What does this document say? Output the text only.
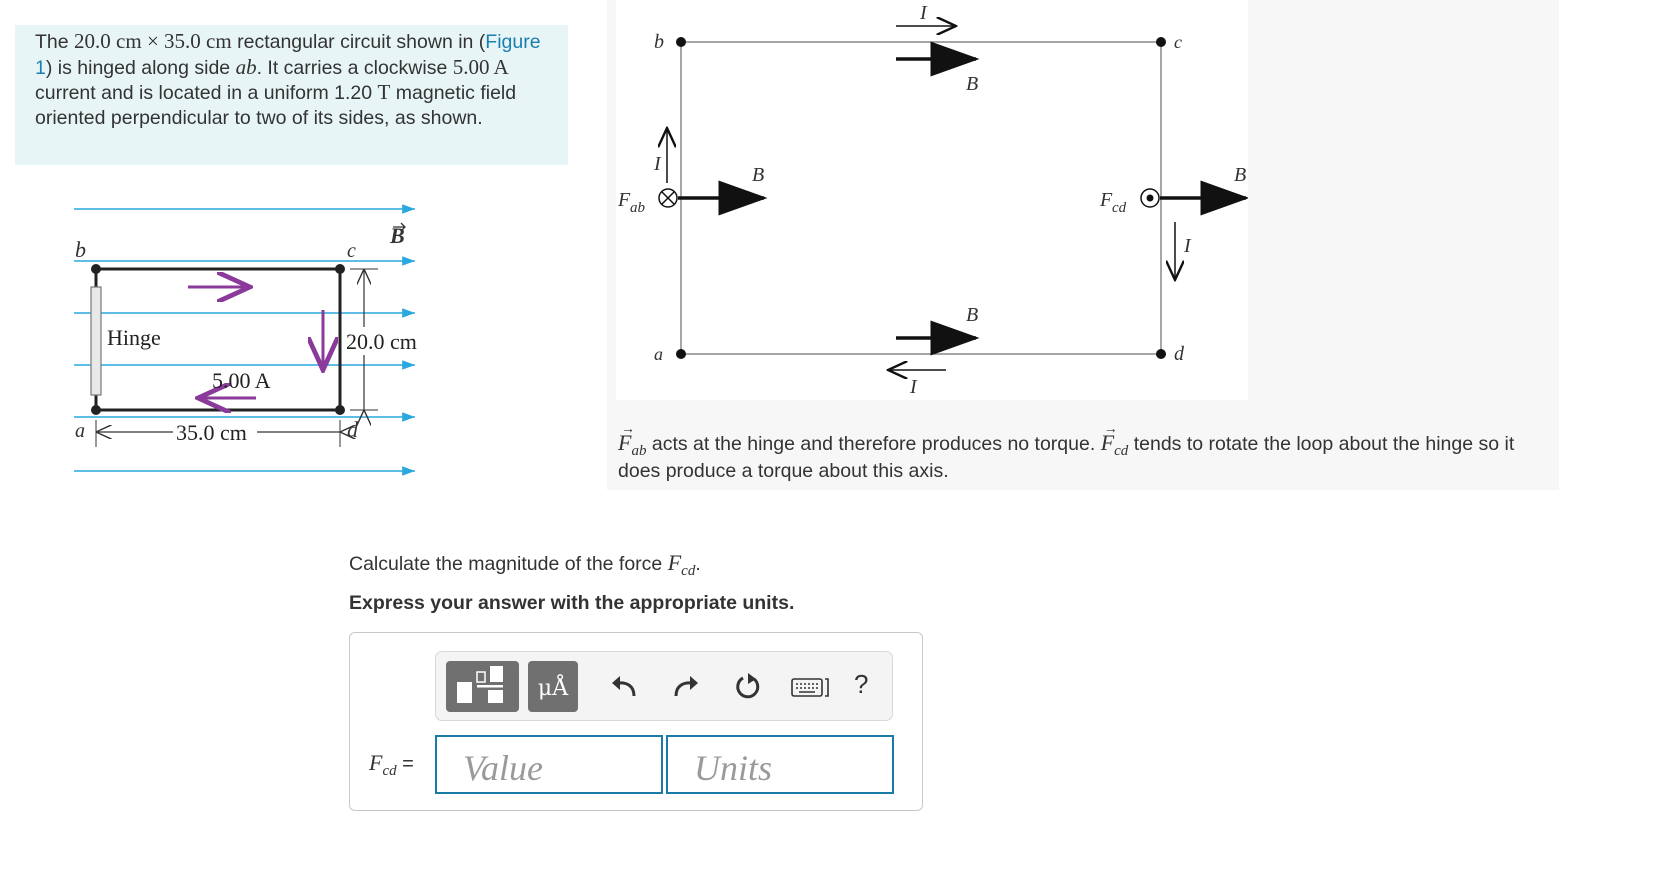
The 20.0 cm × 35.0 cm rectangular circuit shown in (Figure 1) is hinged along side ab. It carries a clockwise 5.00 A current and is located in a uniform 1.20 T magnetic field oriented perpendicular to two of its sides, as shown.
B
b	c
a	d
Hinge
5.00 A
20.0 cm
35.0 cm
b	c
a	d
I
B
I	B
F ab	F cd
B
I
B
I
→ $F_{ab}$ acts at the hinge and therefore produces no torque. → $F_{cd}$ tends to rotate the loop about the hinge so it does produce a torque about this axis.
Calculate the magnitude of the force $F_{cd}$.
Express your answer with the appropriate units.
μÅ	?
$F_{cd}$ =
Value
Units
